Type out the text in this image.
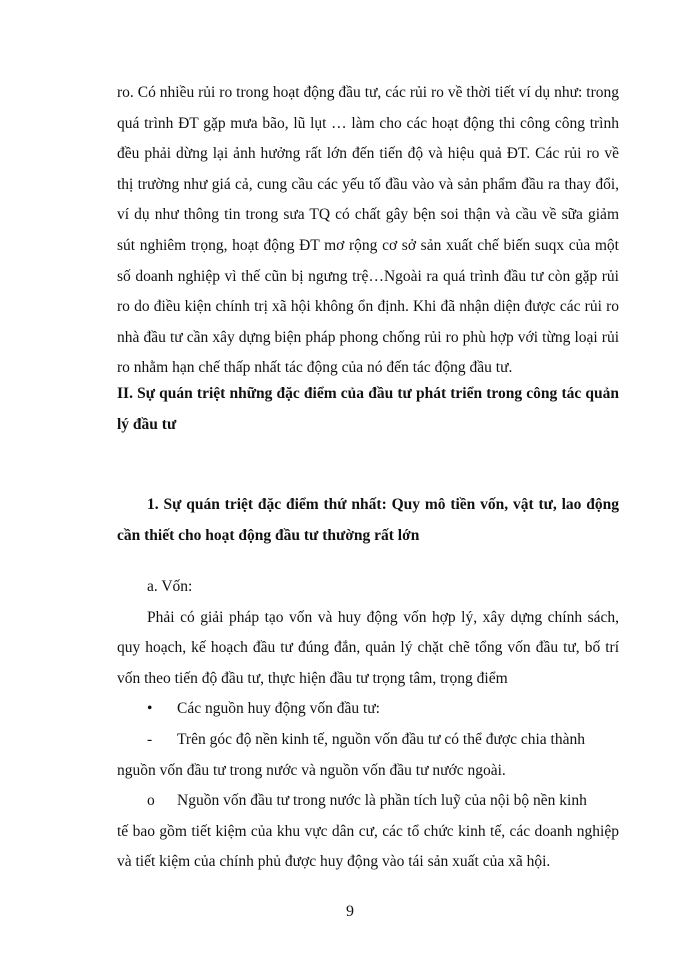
ro. Có nhiều rủi ro trong hoạt động đầu tư, các rủi ro về thời tiết ví dụ như: trong quá trình ĐT gặp mưa bão, lũ lụt … làm cho các hoạt động thi công công trình đều phải dừng lại ảnh hưởng rất lớn đến tiến độ và hiệu quả ĐT. Các rủi ro về thị trường như giá cả, cung cầu các yếu tố đầu vào và sản phẩm đầu ra thay đổi, ví dụ như thông tin trong sưa TQ có chất gây bện soi thận và cầu về sữa giảm sút nghiêm trọng, hoạt động ĐT mơ rộng cơ sở sản xuất chế biến suqx của một số doanh nghiệp vì thế cũn bị ngưng trệ…Ngoài ra quá trình đầu tư còn gặp rủi ro do điều kiện chính trị xã hội không ổn định. Khi đã nhận diện được các rủi ro nhà đầu tư cần xây dựng biện pháp phong chống rủi ro phù hợp với từng loại rủi ro nhằm hạn chế thấp nhất tác động của nó đến tác động đầu tư.

II. Sự quán triệt những đặc điểm của đầu tư phát triển trong công tác quản lý đầu tư

1. Sự quán triệt đặc điểm thứ nhất: Quy mô tiền vốn, vật tư, lao động cần thiết cho hoạt động đầu tư thường rất lớn

a. Vốn:

Phải có giải pháp tạo vốn và huy động vốn hợp lý, xây dựng chính sách, quy hoạch, kế hoạch đầu tư đúng đắn, quản lý chặt chẽ tổng vốn đầu tư, bố trí vốn theo tiến độ đầu tư, thực hiện đầu tư trọng tâm, trọng điểm

•	Các nguồn huy động vốn đầu tư:
-	Trên góc độ nền kinh tế, nguồn vốn đầu tư có thể được chia thành

nguồn vốn đầu tư trong nước và nguồn vốn đầu tư nước ngoài.

o	Nguồn vốn đầu tư trong nước là phần tích luỹ của nội bộ nền kinh

tế bao gồm tiết kiệm của khu vực dân cư, các tổ chức kinh tế, các doanh nghiệp và tiết kiệm của chính phủ được huy động vào tái sản xuất của xã hội.

9
